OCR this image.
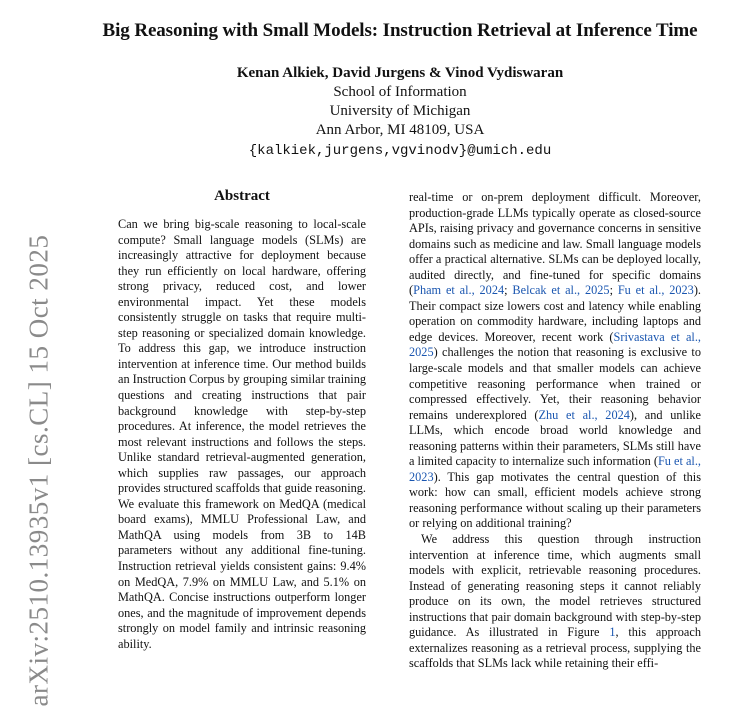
arXiv:2510.13935v1 [cs.CL] 15 Oct 2025
Big Reasoning with Small Models: Instruction Retrieval at Inference Time
Kenan Alkiek, David Jurgens & Vinod Vydiswaran
School of Information
University of Michigan
Ann Arbor, MI 48109, USA
{kalkiek,jurgens,vgvinodv}@umich.edu
Abstract

Can we bring big-scale reasoning to local-scale compute? Small language models (SLMs) are increasingly attractive for deployment because they run efficiently on local hardware, offering strong privacy, reduced cost, and lower environmental impact. Yet these models consistently struggle on tasks that require multi-step reasoning or specialized domain knowledge. To address this gap, we introduce instruction intervention at inference time. Our method builds an Instruction Corpus by grouping similar training questions and creating instructions that pair background knowledge with step-by-step procedures. At inference, the model retrieves the most relevant instructions and follows the steps. Unlike standard retrieval-augmented generation, which supplies raw passages, our approach provides structured scaffolds that guide reasoning. We evaluate this framework on MedQA (medical board exams), MMLU Professional Law, and MathQA using models from 3B to 14B parameters without any additional fine-tuning. Instruction retrieval yields consistent gains: 9.4% on MedQA, 7.9% on MMLU Law, and 5.1% on MathQA. Concise instructions outperform longer ones, and the magnitude of improvement depends strongly on model family and intrinsic reasoning ability.

real-time or on-prem deployment difficult. Moreover, production-grade LLMs typically operate as closed-source APIs, raising privacy and governance concerns in sensitive domains such as medicine and law. Small language models offer a practical alternative. SLMs can be deployed locally, audited directly, and fine-tuned for specific domains (Pham et al., 2024; Belcak et al., 2025; Fu et al., 2023). Their compact size lowers cost and latency while enabling operation on commodity hardware, including laptops and edge devices. Moreover, recent work (Srivastava et al., 2025) challenges the notion that reasoning is exclusive to large-scale models and that smaller models can achieve competitive reasoning performance when trained or compressed effectively. Yet, their reasoning behavior remains underexplored (Zhu et al., 2024), and unlike LLMs, which encode broad world knowledge and reasoning patterns within their parameters, SLMs still have a limited capacity to internalize such information (Fu et al., 2023). This gap motivates the central question of this work: how can small, efficient models achieve strong reasoning performance without scaling up their parameters or relying on additional training?

We address this question through instruction intervention at inference time, which augments small models with explicit, retrievable reasoning procedures. Instead of generating reasoning steps it cannot reliably produce on its own, the model retrieves structured instructions that pair domain background with step-by-step guidance. As illustrated in Figure 1, this approach externalizes reasoning as a retrieval process, supplying the scaffolds that SLMs lack while retaining their effi-
